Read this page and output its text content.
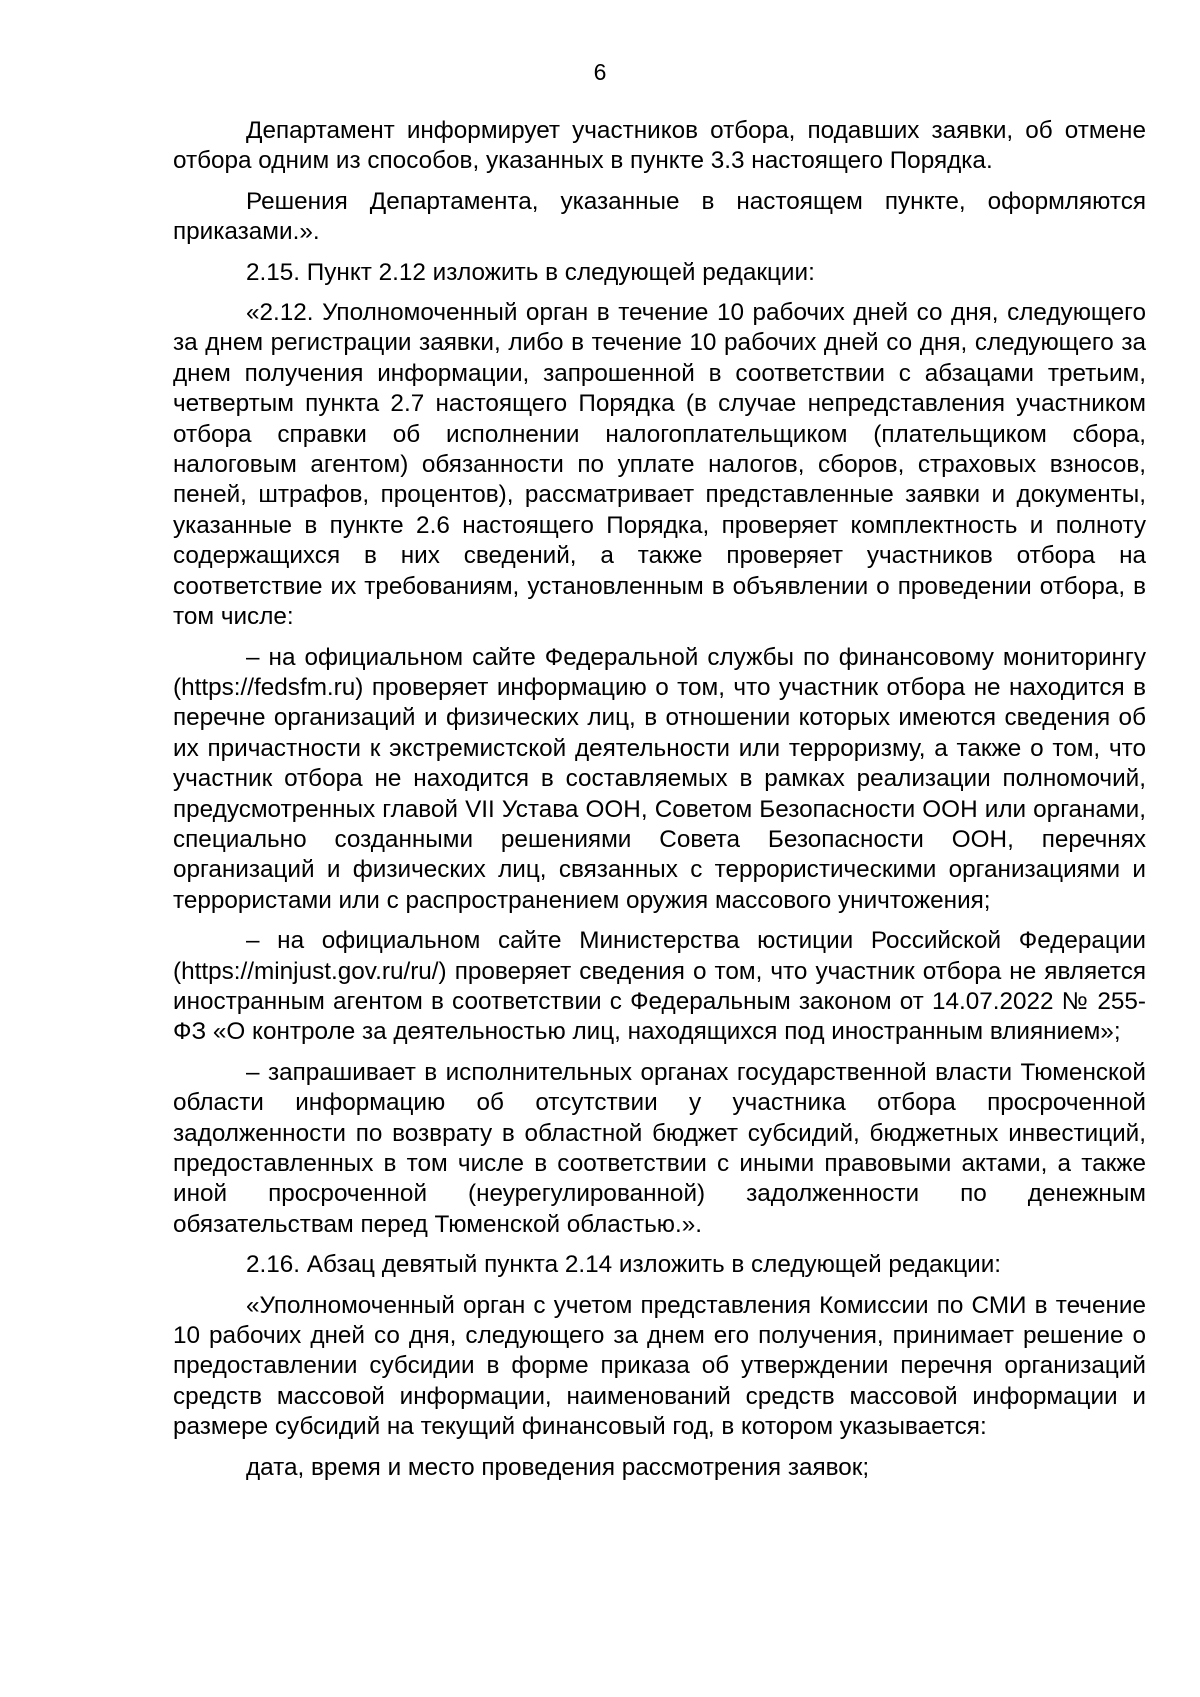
6

Департамент информирует участников отбора, подавших заявки, об отмене отбора одним из способов, указанных в пункте 3.3 настоящего Порядка.

Решения Департамента, указанные в настоящем пункте, оформляются приказами.».

2.15. Пункт 2.12 изложить в следующей редакции:

«2.12. Уполномоченный орган в течение 10 рабочих дней со дня, следующего за днем регистрации заявки, либо в течение 10 рабочих дней со дня, следующего за днем получения информации, запрошенной в соответствии с абзацами третьим, четвертым пункта 2.7 настоящего Порядка (в случае непредставления участником отбора справки об исполнении налогоплательщиком (плательщиком сбора, налоговым агентом) обязанности по уплате налогов, сборов, страховых взносов, пеней, штрафов, процентов), рассматривает представленные заявки и документы, указанные в пункте 2.6 настоящего Порядка, проверяет комплектность и полноту содержащихся в них сведений, а также проверяет участников отбора на соответствие их требованиям, установленным в объявлении о проведении отбора, в том числе:

– на официальном сайте Федеральной службы по финансовому мониторингу (https://fedsfm.ru) проверяет информацию о том, что участник отбора не находится в перечне организаций и физических лиц, в отношении которых имеются сведения об их причастности к экстремистской деятельности или терроризму, а также о том, что участник отбора не находится в составляемых в рамках реализации полномочий, предусмотренных главой VII Устава ООН, Советом Безопасности ООН или органами, специально созданными решениями Совета Безопасности ООН, перечнях организаций и физических лиц, связанных с террористическими организациями и террористами или с распространением оружия массового уничтожения;

– на официальном сайте Министерства юстиции Российской Федерации (https://minjust.gov.ru/ru/) проверяет сведения о том, что участник отбора не является иностранным агентом в соответствии с Федеральным законом от 14.07.2022 № 255-ФЗ «О контроле за деятельностью лиц, находящихся под иностранным влиянием»;

– запрашивает в исполнительных органах государственной власти Тюменской области информацию об отсутствии у участника отбора просроченной задолженности по возврату в областной бюджет субсидий, бюджетных инвестиций, предоставленных в том числе в соответствии с иными правовыми актами, а также иной просроченной (неурегулированной) задолженности по денежным обязательствам перед Тюменской областью.».

2.16. Абзац девятый пункта 2.14 изложить в следующей редакции:

«Уполномоченный орган с учетом представления Комиссии по СМИ в течение 10 рабочих дней со дня, следующего за днем его получения, принимает решение о предоставлении субсидии в форме приказа об утверждении перечня организаций средств массовой информации, наименований средств массовой информации и размере субсидий на текущий финансовый год, в котором указывается:

дата, время и место проведения рассмотрения заявок;
